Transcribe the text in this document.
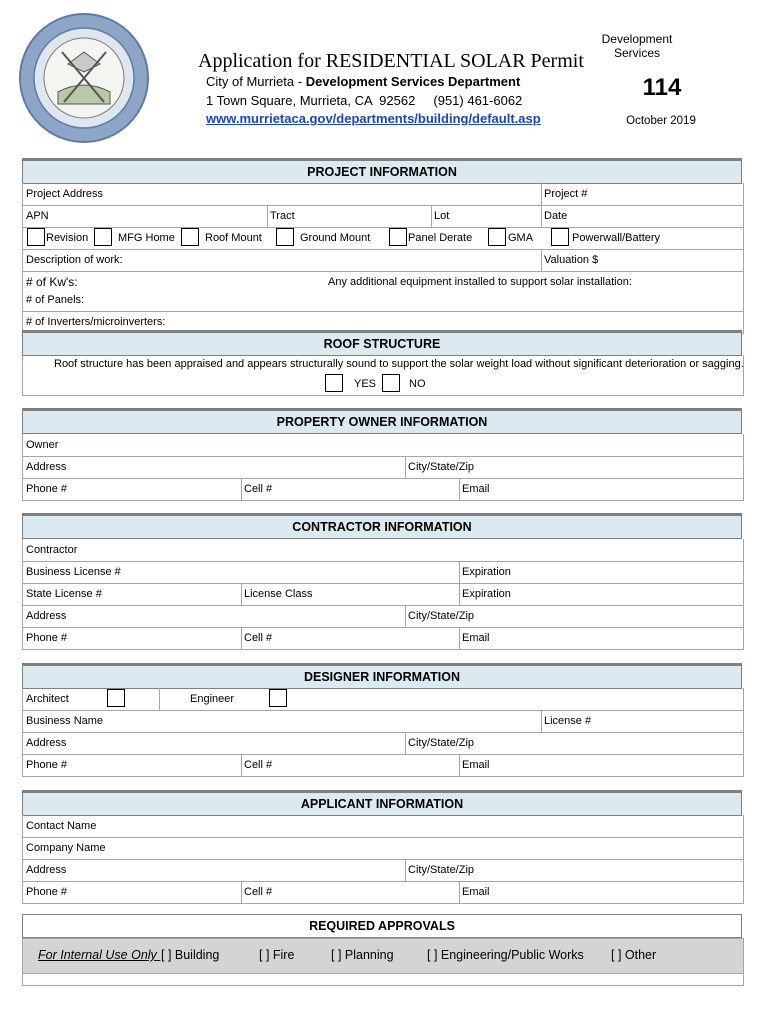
Application for RESIDENTIAL SOLAR Permit
City of Murrieta - Development Services Department
1 Town Square, Murrieta, CA  92562     (951) 461-6062
www.murrietaca.gov/departments/building/default.asp
Development
Services
114
October 2019
PROJECT INFORMATION
Project Address	Project #
APN	Tract	Lot	Date
Revision	MFG Home	Roof Mount	Ground Mount	Panel Derate	GMA	Powerwall/Battery
Description of work:	Valuation $
# of Kw's:	Any additional equipment installed to support solar installation:
# of Panels:
# of Inverters/microinverters:
ROOF STRUCTURE
Roof structure has been appraised and appears structurally sound to support the solar weight load without significant deterioration or sagging.
YES	NO
PROPERTY OWNER INFORMATION
Owner
Address	City/State/Zip
Phone #	Cell #	Email
CONTRACTOR INFORMATION
Contractor
Business License #	Expiration
State License #	License Class	Expiration
Address	City/State/Zip
Phone #	Cell #	Email
DESIGNER INFORMATION
Architect	Engineer
Business Name	License #
Address	City/State/Zip
Phone #	Cell #	Email
APPLICANT INFORMATION
Contact Name
Company Name
Address	City/State/Zip
Phone #	Cell #	Email
REQUIRED APPROVALS
For Internal Use Only [ ] Building	[ ] Fire	[ ] Planning	[ ] Engineering/Public Works [ ] Other
